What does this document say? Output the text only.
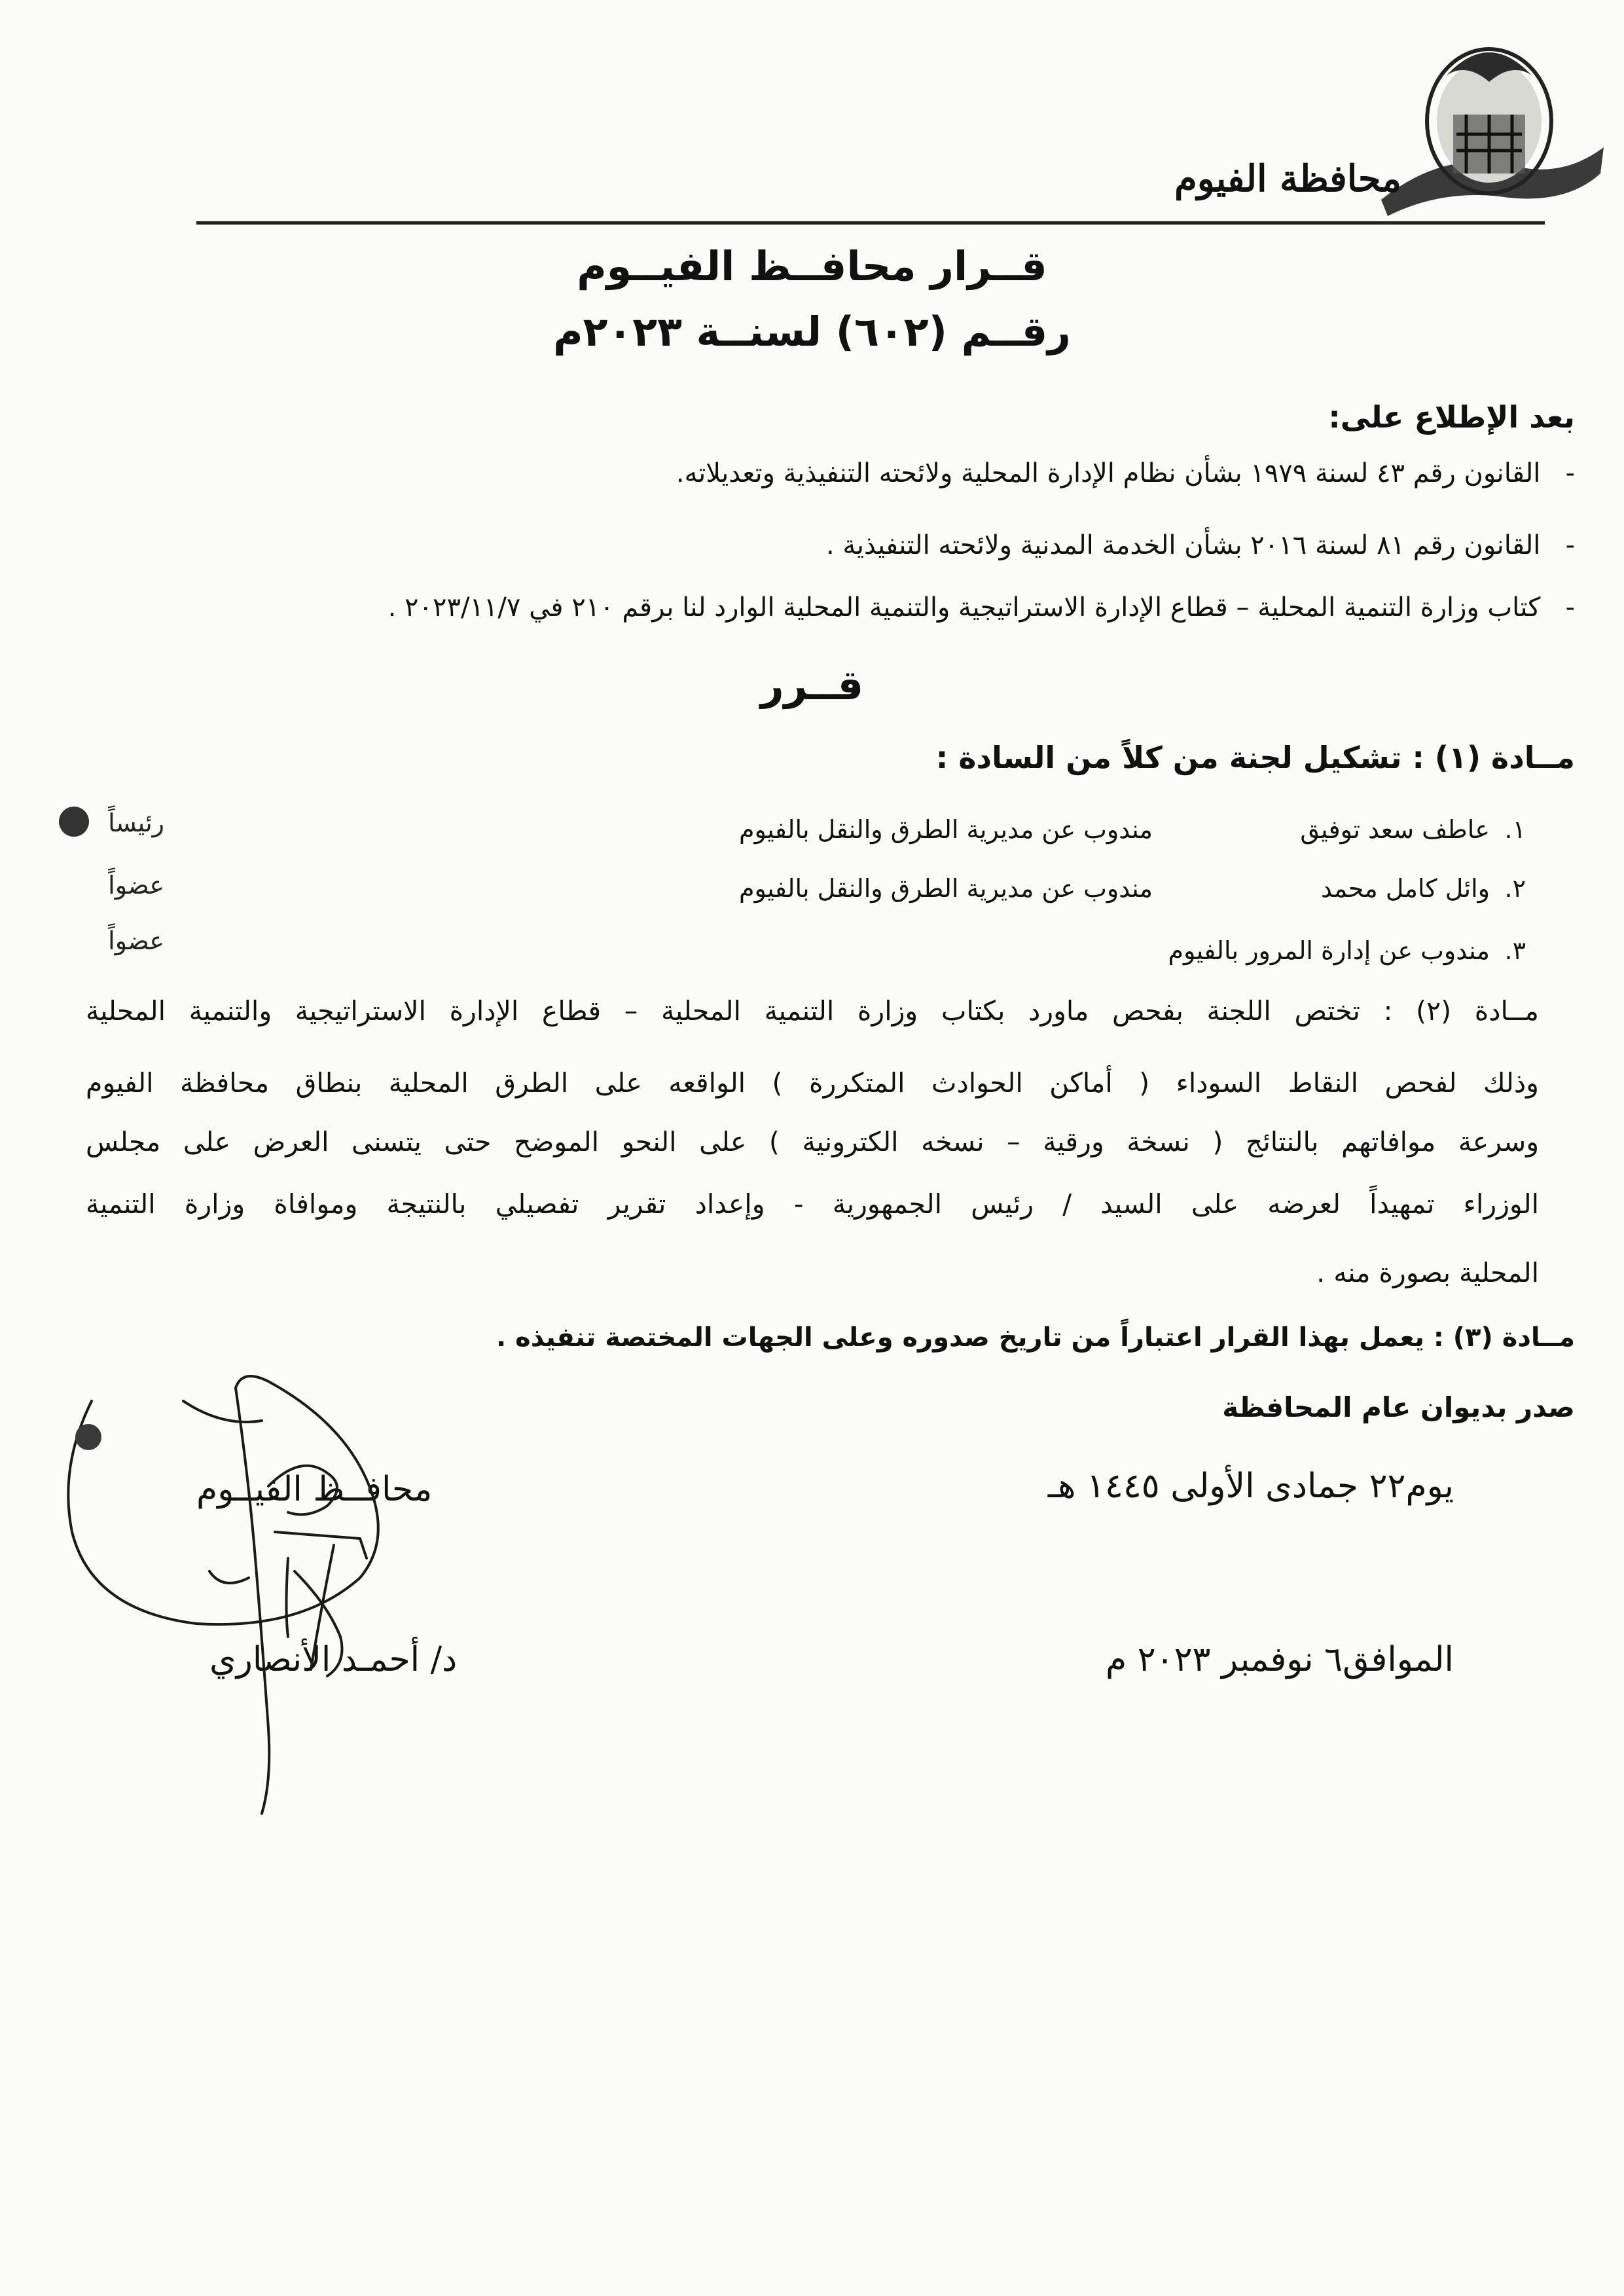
محافظة الفيوم
قــرار محافــظ الفيــوم
رقــم (٦٠٢) لسنــة ٢٠٢٣م
بعد الإطلاع على:
-   القانون رقم ٤٣ لسنة ١٩٧٩ بشأن نظام الإدارة المحلية ولائحته التنفيذية وتعديلاته.
-   القانون رقم ٨١ لسنة ٢٠١٦ بشأن الخدمة المدنية ولائحته التنفيذية .
-   كتاب وزارة التنمية المحلية – قطاع الإدارة الاستراتيجية والتنمية المحلية الوارد لنا برقم ٢١٠ في ٢٠٢٣/١١/٧ .
قــرر
مــادة (١) : تشكيل لجنة من كلاً من السادة :
١.
عاطف سعد توفيق
مندوب عن مديرية الطرق والنقل بالفيوم
رئيساً
٢.
وائل كامل محمد
مندوب عن مديرية الطرق والنقل بالفيوم
عضواً
٣.
مندوب عن إدارة المرور بالفيوم
عضواً
مــادة (٢) : تختص اللجنة بفحص ماورد بكتاب وزارة التنمية المحلية – قطاع الإدارة الاستراتيجية والتنمية المحلية
وذلك لفحص النقاط السوداء ( أماكن الحوادث المتكررة ) الواقعه على الطرق المحلية بنطاق محافظة الفيوم
وسرعة موافاتهم بالنتائج ( نسخة ورقية – نسخه الكترونية ) على النحو الموضح حتى يتسنى العرض على مجلس
الوزراء تمهيداً لعرضه على السيد / رئيس الجمهورية - وإعداد تقرير تفصيلي بالنتيجة وموافاة وزارة التنمية
المحلية بصورة منه .
مــادة (٣) : يعمل بهذا القرار اعتباراً من تاريخ صدوره وعلى الجهات المختصة تنفيذه .
صدر بديوان عام المحافظة
يوم٢٢ جمادى الأولى ١٤٤٥ هـ
الموافق٦ نوفمبر ٢٠٢٣ م
محافــظ الفيــوم
د/ أحمـد الأنصاري
